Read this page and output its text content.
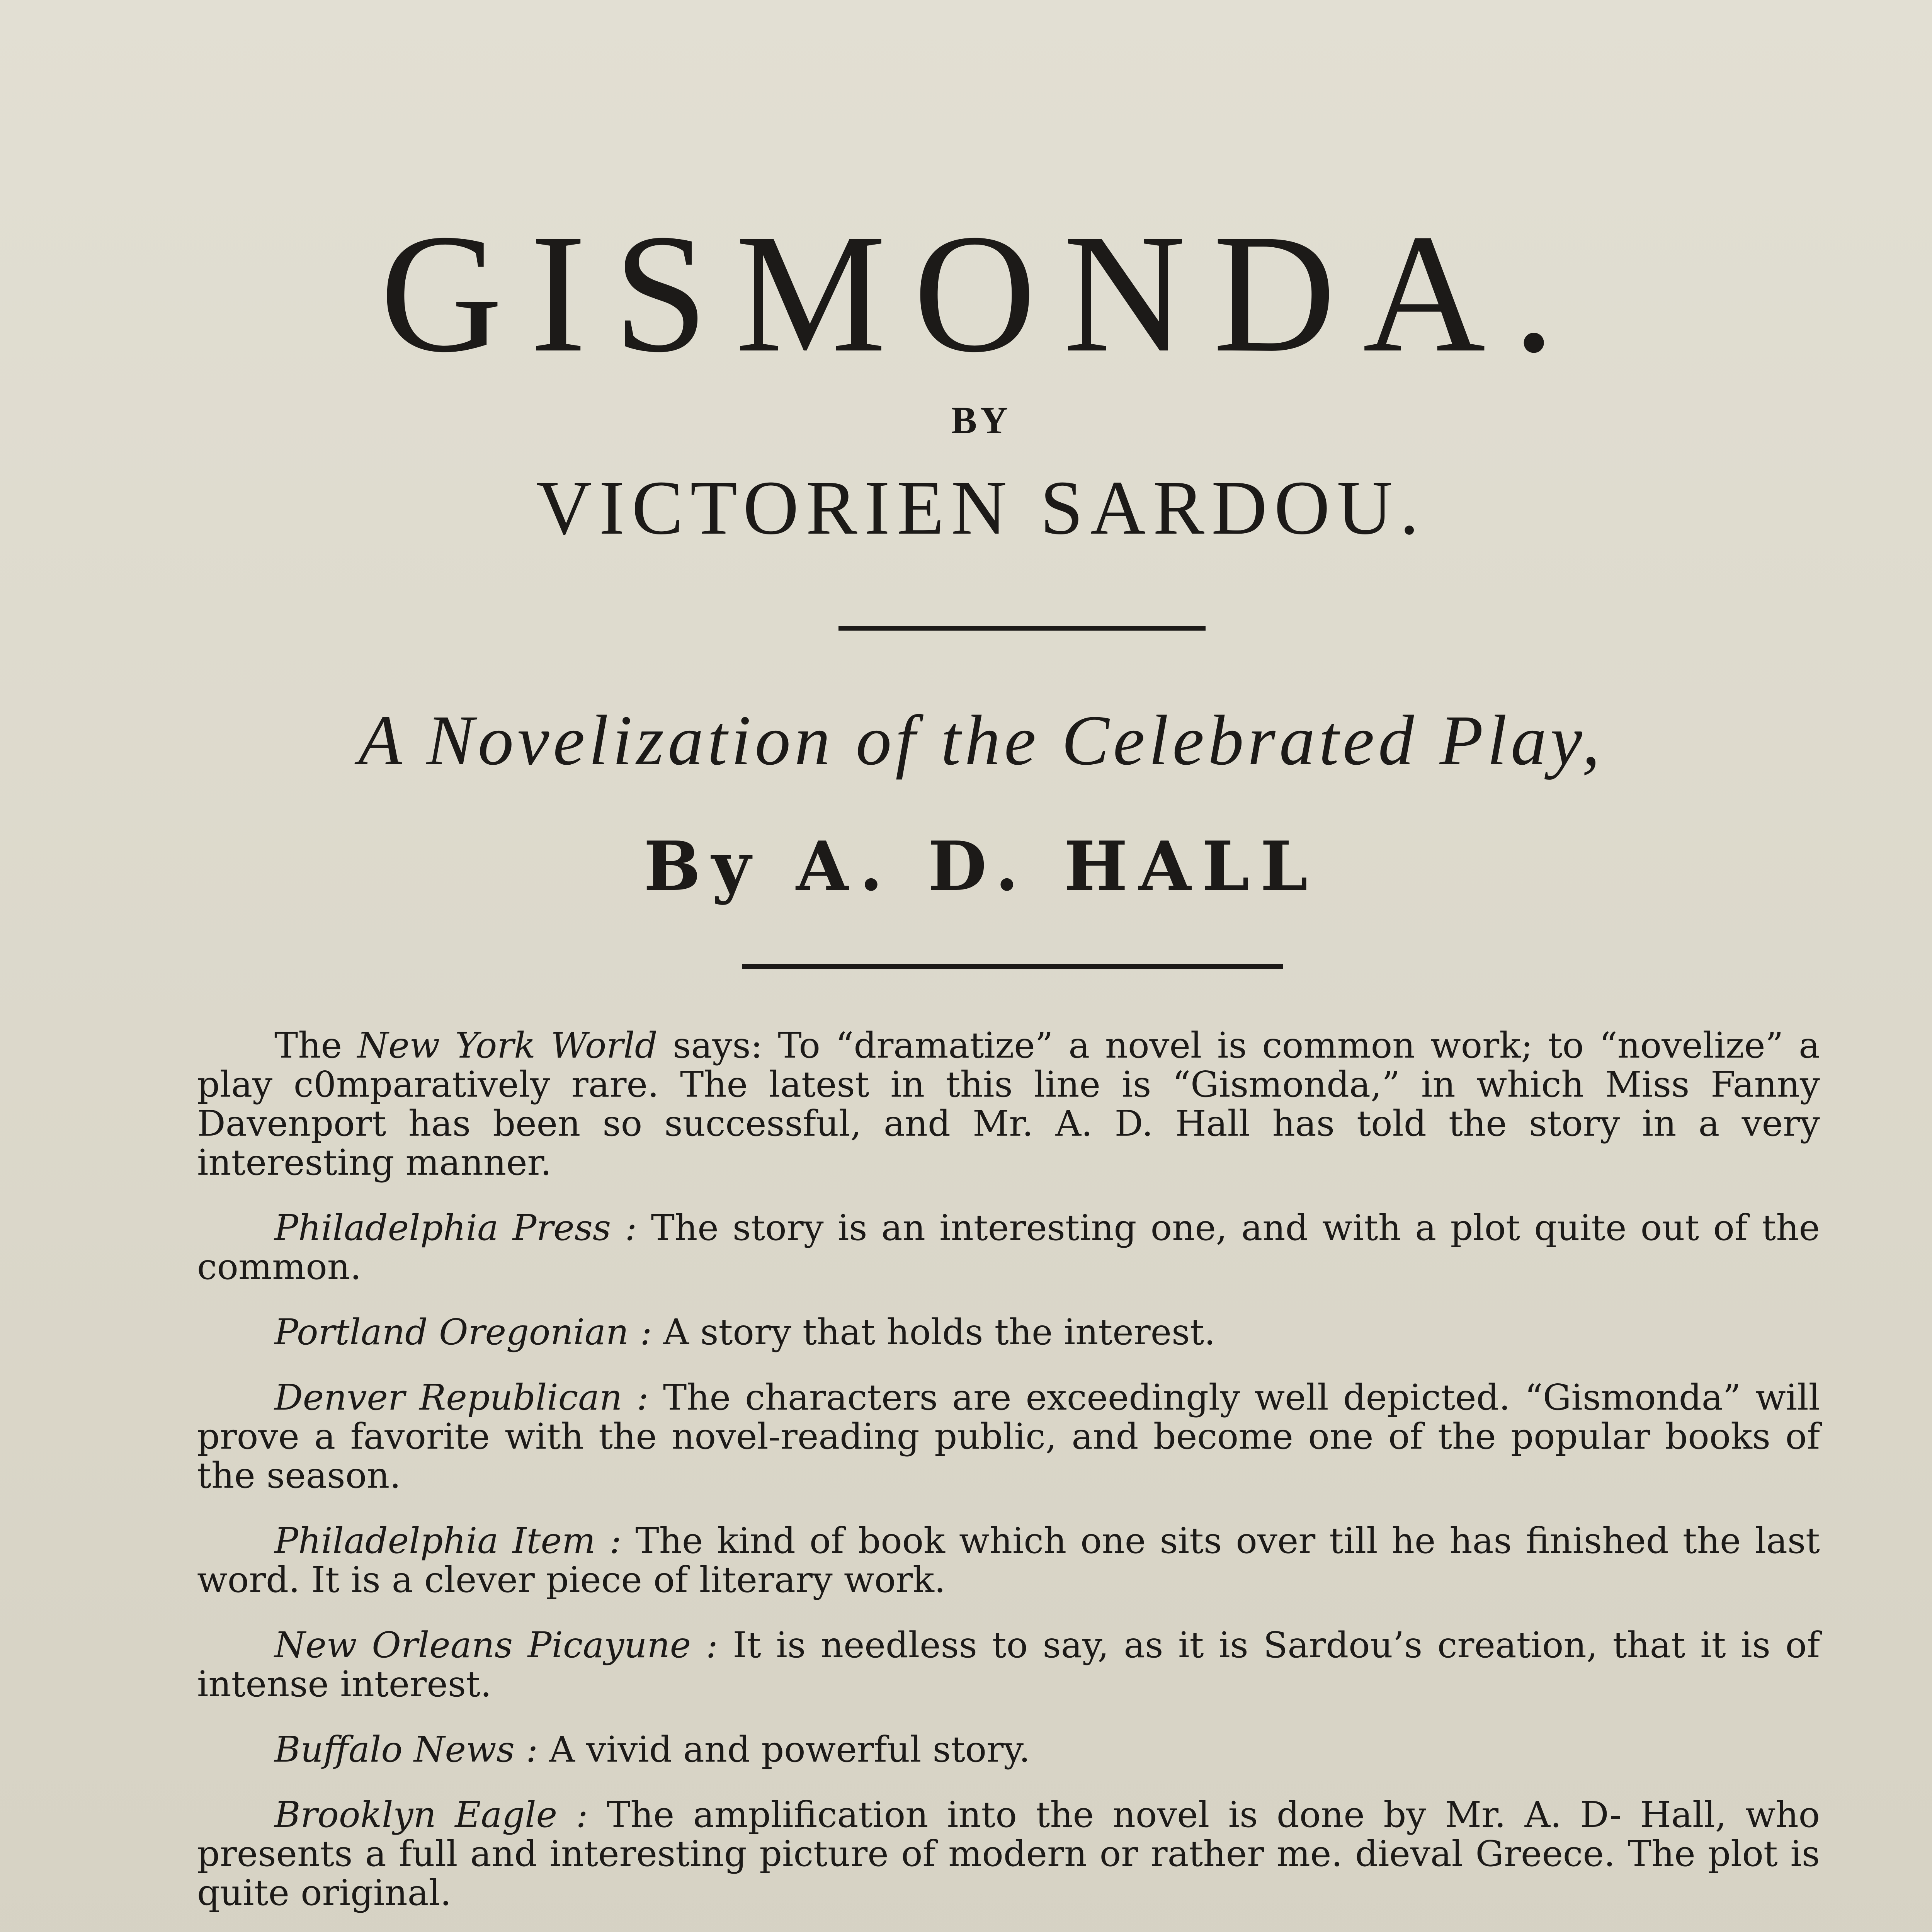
GISMONDA.
BY
VICTORIEN SARDOU.
A Novelization of the Celebrated Play,
By A. D. HALL

The New York World says: To “dramatize” a novel is common work; to “novelize” a play c0mparatively rare. The latest in this line is “Gismonda,” in which Miss Fanny Davenport has been so successful, and Mr. A. D. Hall has told the story in a very interesting manner.

Philadelphia Press : The story is an interesting one, and with a plot quite out of the common.

Portland Oregonian : A story that holds the interest.

Denver Republican : The characters are exceedingly well depicted. “Gismonda” will prove a favorite with the novel-reading public, and become one of the popular books of the season.

Philadelphia Item : The kind of book which one sits over till he has finished the last word. It is a clever piece of literary work.

New Orleans Picayune : It is needless to say, as it is Sardou’s creation, that it is of intense interest.

Buffalo News : A vivid and powerful story.

Brooklyn Eagle : The amplification into the novel is done by Mr. A. D- Hall, who presents a full and interesting picture of modern or rather me. dieval Greece. The plot is quite original.
